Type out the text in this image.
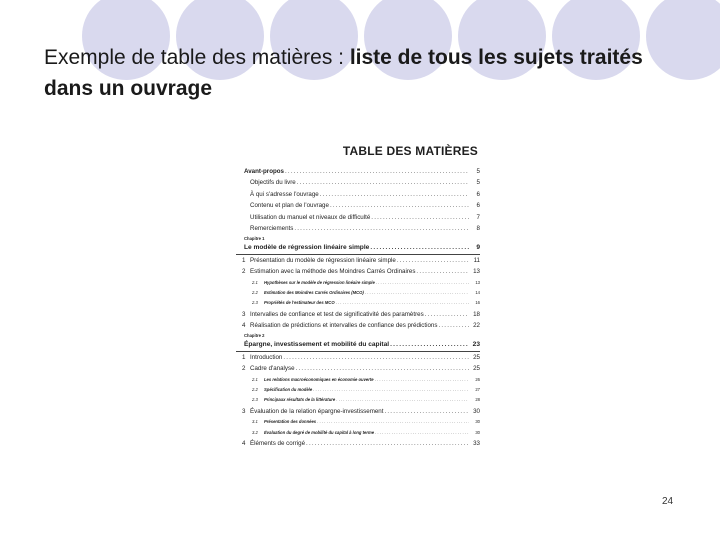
Exemple de table des matières : liste de tous les sujets traités dans un ouvrage
TABLE DES MATIÈRES
Avant-propos .....	5
Objectifs du livre .....	5
À qui s'adresse l'ouvrage .....	6
Contenu et plan de l'ouvrage .....	6
Utilisation du manuel et niveaux de difficulté .....	7
Remerciements .....	8
Chapitre 1
Le modèle de régression linéaire simple .....	9
1 Présentation du modèle de régression linéaire simple .....	11
2 Estimation avec la méthode des Moindres Carrés Ordinaires .....	13
2.1	Hypothèses sur le modèle de régression linéaire simple .....	13
2.2	Estimation des Moindres Carrés Ordinaires (MCO) .....	14
2.3	Propriétés de l'estimateur des MCO .....	16
3 Intervalles de confiance et test de significativité des paramètres .....	18
4 Réalisation de prédictions et intervalles de confiance des prédictions .....	22
Chapitre 2
Épargne, investissement et mobilité du capital .....	23
1 Introduction .....	25
2 Cadre d'analyse .....	25
2.1	Les relations macroéconomiques en économie ouverte .....	26
2.2	Spécification du modèle .....	27
2.3	Principaux résultats de la littérature .....	28
3 Évaluation de la relation épargne-investissement .....	30
3.1	Présentation des données .....	30
3.2	Évaluation du degré de mobilité du capital à long terme .....	30
4 Éléments de corrigé .....	33
24
